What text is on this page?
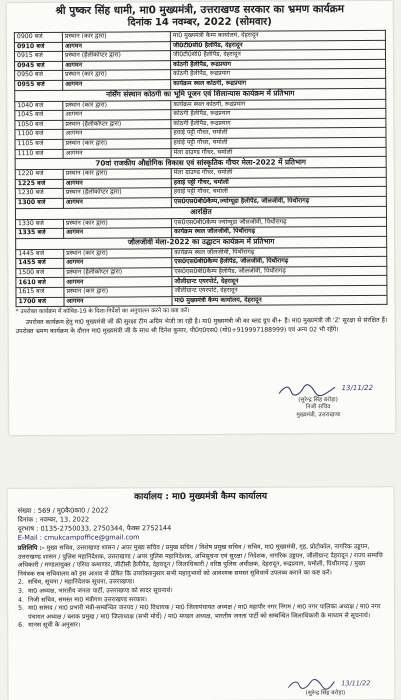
श्री पुष्कर सिंह धामी, मा0 मुख्यमंत्री, उत्तराखण्ड सरकार का भ्रमण कार्यक्रम
दिनांक 14 नवम्बर, 2022 (सोमवार)
0900 बजे	प्रस्थान (कार द्वारा)	मा0 मुख्यमंत्री कैम्प कार्यालय, देहरादून
0910 बजे	आगमन	जी0टी0सी0 हैलीपैड, देहरादून
0915 बजे	प्रस्थान (हैलीकॉप्टर द्वारा)	जी0टी0सी0 हैलीपैड, देहरादून
0945 बजे	आगमन	कोठगी हैलीपैड, रूद्रप्रयाग
0950 बजे	प्रस्थान (कार द्वारा)	कोठगी हैलीपैड, रूद्रप्रयाग
0955 बजे	आगमन	कार्यक्रम स्थल कोठगी, रूद्रप्रयाग
नर्सिंग संस्थान कोठगी का भूमि पूजन एवं शिलान्यास कार्यक्रम में प्रतिभाग		
1040 बजे	प्रस्थान (कार द्वारा)	कार्यक्रम स्थल कोठगी, रूद्रप्रयाग
1045 बजे	आगमन	कोठगी हैलीपैड, रूद्रप्रयाग
1050 बजे	प्रस्थान (हैलीकॉप्टर द्वारा)	कोठगी हैलीपैड, रूद्रप्रयाग
1100 बजे	आगमन	हवाई पट्टी गौचर, चमोली
1105 बजे	प्रस्थान (कार द्वारा)	हवाई पट्टी गौचर, चमोली
1110 बजे	आगमन	मेला ग्राउण्ड गौचर, चमोली
70वां राजकीय औद्योगिक विकास एवं सांस्कृतिक गौचर मेला-2022 में प्रतिभाग		
1220 बजे	प्रस्थान (कार द्वारा)	मेला ग्राउण्ड गौचर, चमोली
1225 बजे	आगमन	हवाई पट्टी गौचर, चमोली
1230 बजे	प्रस्थान (हैलीकॉप्टर द्वारा)	हवाई पट्टी गौचर, चमोली
1300 बजे	आगमन	एस0एस0बी0कैम्प,ज्योग्यूडा हैलीपैड, जौलजीवी, पिथौरागढ़
आरक्षित		
1330 बजे	प्रस्थान (कार द्वारा)	एस0एस0बी0कैम्प ज्योग्यूडा जौलजीवी, पिथौरागढ़
1335 बजे	आगमन	कार्यक्रम स्थल जौलजीवी, पिथौरागढ़
जौलजीवी मेला-2022 का उद्घाटन कार्यक्रम में प्रतिभाग		
1445 बजे	प्रस्थान (कार द्वारा)	कार्यक्रम स्थल जौलजीवी, पिथौरागढ़
1455 बजे	आगमन	एस0एस0बी0कैम्प हैलीपैड, जौलजीवी, पिथौरागढ़
1500 बजे	प्रस्थान (हैलीकॉप्टर द्वारा)	एस0एस0बी0कैम्प हैलीपैड, जौलजीवी, पिथौरागढ़
1610 बजे	आगमन	जौलीग्रान्ट एयरपोर्ट, देहरादून
1615 बजे	प्रस्थान (कार द्वारा)	जौलीग्रान्ट एयरपोर्ट, देहरादून
1700 बजे	आगमन	मा0 मुख्यमंत्री कैम्प कार्यालय, देहरादून
* उपरोक्त कार्यक्रम में कोविड-19 के दिशा-निर्देशों का अनुपालन करने का कष्ट करें।
उपरोक्त कार्यक्रम हेतु मा0 मुख्यमंत्री जी की सुरक्षा टीम अग्रिम भेजी जा रही है। मा0 मुख्यमंत्री जी का ब्लड ग्रुप बी+ है। मा0 मुख्यमंत्री जी 'Z' सुरक्षा से संरक्षित हैं। उपरोक्त भ्रमण कार्यक्रम के दौरान मा0 मुख्यमंत्री जी के साथ श्री दिनेश कुमार, पी0ए0एस0 (मो0+919997188999) एवं अन्य 02 भी रहेंगे।
13/11/22
(सुरेन्द्र सिंह बरोड़ा)
निजी सचिव
मुख्यमंत्री, उत्तराखण्ड
कार्यालय : मा0 मुख्यमंत्री कैम्प कार्यालय
संख्या : 569 / मु0कै0का0 / 2022
दिनांक : नवम्बर, 13, 2022
दूरभाष : 0135-2750033, 2750344, फैक्स 2752144
E-Mail : cmukcampoffice@gmail.com
प्रतिलिपि :- मुख्य सचिव, उत्तराखण्ड शासन / अपर मुख्य सचिव / प्रमुख सचिव / विशेष प्रमुख सचिव / सचिव, मा0 मुख्यमंत्री, गृह, प्रोटोकॉल, नागरिक उड्डयन, उत्तराखण्ड शासन / पुलिस महानिदेशक, उत्तराखण्ड / अपर पुलिस महानिदेशक, अभिसूचना एवं सुरक्षा / निदेशक, नागरिक उड्डयन, जौलीग्रान्ट देहरादून / राज्य सम्पत्ति अधिकारी / मण्डलायुक्त / एरिया कमाण्डर, जीटीसी हैलीपैड, देहरादून / जिलाधिकारी / वरिष्ठ पुलिस अधीक्षक, देहरादून, रूद्रप्रयाग, चमोली, पिथौरागढ़ / मुख्य नियंत्रक सब सचिवालय को इस आशय से प्रेषित कि उपरोक्तानुसार सभी महानुभावों को आवश्यक समस्त सुविधायें उपलब्ध कराने का कष्ट करें।
2. सचिव, सूचना / महानिदेशक सूचना, उत्तराखण्ड।
3. मा0 अध्यक्ष, भारतीय जनता पार्टी, उत्तराखण्ड को सादर सूचनार्थ।
4. निजी सचिव, समस्त मा0 मंत्रीगण उत्तराखण्ड सरकार।
5. मा0 सांसद / मा0 प्रभारी मंत्री-सम्बन्धित जनपद / मा0 विधायक / मा0 जिलापंचायत अध्यक्ष / मा0 महापौर नगर निगम / मा0 नगर पालिका अध्यक्ष / मा0 नगर पंचायत अध्यक्ष / ब्लाक प्रमुख / मा0 जिलाध्यक्ष (सभी मोर्चे) / मा0 मण्डल अध्यक्ष, भारतीय जनता पार्टी को सम्बन्धित जिलाधिकारी के माध्यम से सूचनार्थ।
6. मानस सूची के अनुसार।
13/11/22
(सुरेन्द्र सिंह बरोड़ा)
